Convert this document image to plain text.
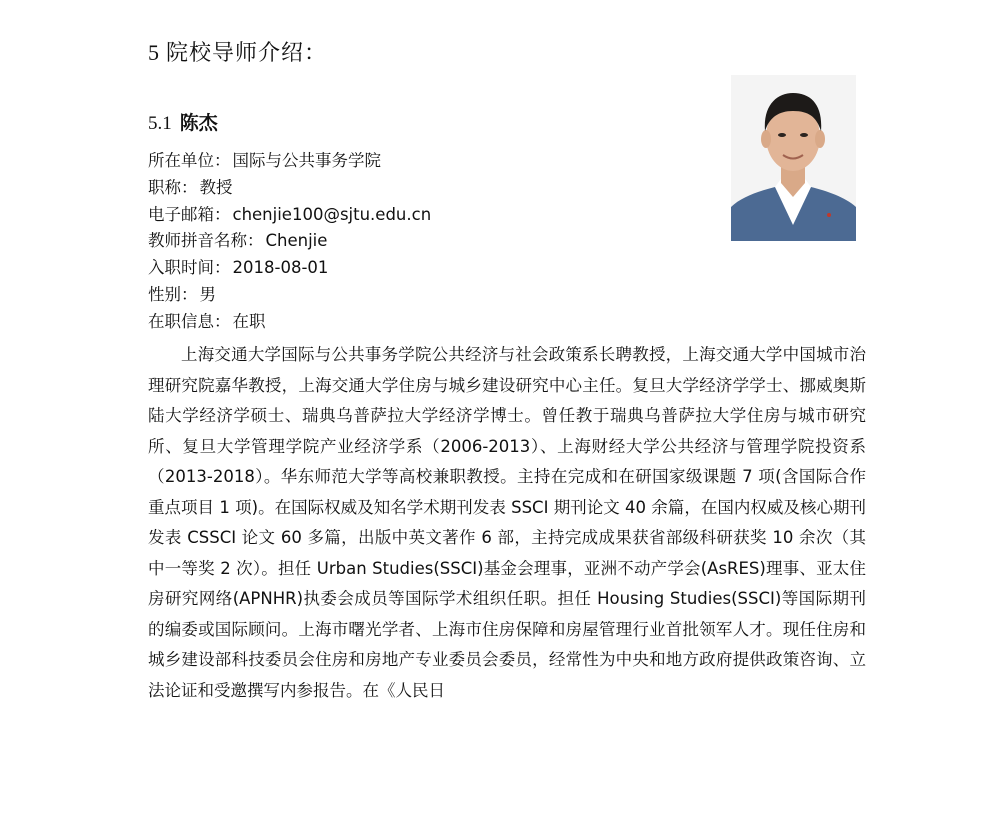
5 院校导师介绍：
5.1 陈杰
所在单位： 国际与公共事务学院
职称： 教授
电子邮箱： chenjie100@sjtu.edu.cn
教师拼音名称： Chenjie
入职时间： 2018-08-01
性别： 男
在职信息： 在职

上海交通大学国际与公共事务学院公共经济与社会政策系长聘教授，上海交通大学中国城市治理研究院嘉华教授，上海交通大学住房与城乡建设研究中心主任。复旦大学经济学学士、挪威奥斯陆大学经济学硕士、瑞典乌普萨拉大学经济学博士。曾任教于瑞典乌普萨拉大学住房与城市研究所、复旦大学管理学院产业经济学系（2006-2013）、上海财经大学公共经济与管理学院投资系（2013-2018）。华东师范大学等高校兼职教授。主持在完成和在研国家级课题 7 项(含国际合作重点项目 1 项)。在国际权威及知名学术期刊发表 SSCI 期刊论文 40 余篇，在国内权威及核心期刊发表 CSSCI 论文 60 多篇，出版中英文著作 6 部，主持完成成果获省部级科研获奖 10 余次（其中一等奖 2 次）。担任 Urban Studies(SSCI)基金会理事，亚洲不动产学会(AsRES)理事、亚太住房研究网络(APNHR)执委会成员等国际学术组织任职。担任 Housing Studies(SSCI)等国际期刊的编委或国际顾问。上海市曙光学者、上海市住房保障和房屋管理行业首批领军人才。现任住房和城乡建设部科技委员会住房和房地产专业委员会委员，经常性为中央和地方政府提供政策咨询、立法论证和受邀撰写内参报告。在《人民日
